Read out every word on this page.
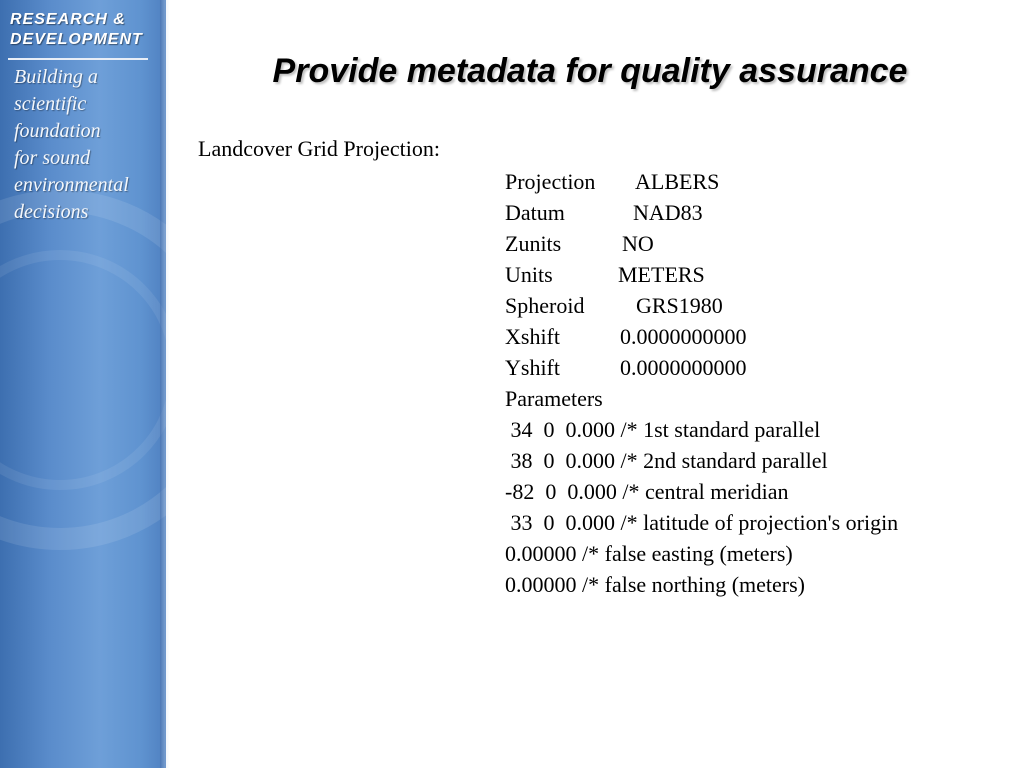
RESEARCH &
DEVELOPMENT
Building a
scientific
foundation
for sound
environmental
decisions
Provide metadata for quality assurance
Landcover Grid Projection:
Projection ALBERS
Datum	NAD83
Zunits	NO
Units	METERS
Spheroid GRS1980
Xshift	0.0000000000
Yshift	0.0000000000
Parameters
34  0  0.000 /* 1st standard parallel
38  0  0.000 /* 2nd standard parallel
-82  0  0.000 /* central meridian
33  0  0.000 /* latitude of projection's origin
0.00000 /* false easting (meters)
0.00000 /* false northing (meters)
